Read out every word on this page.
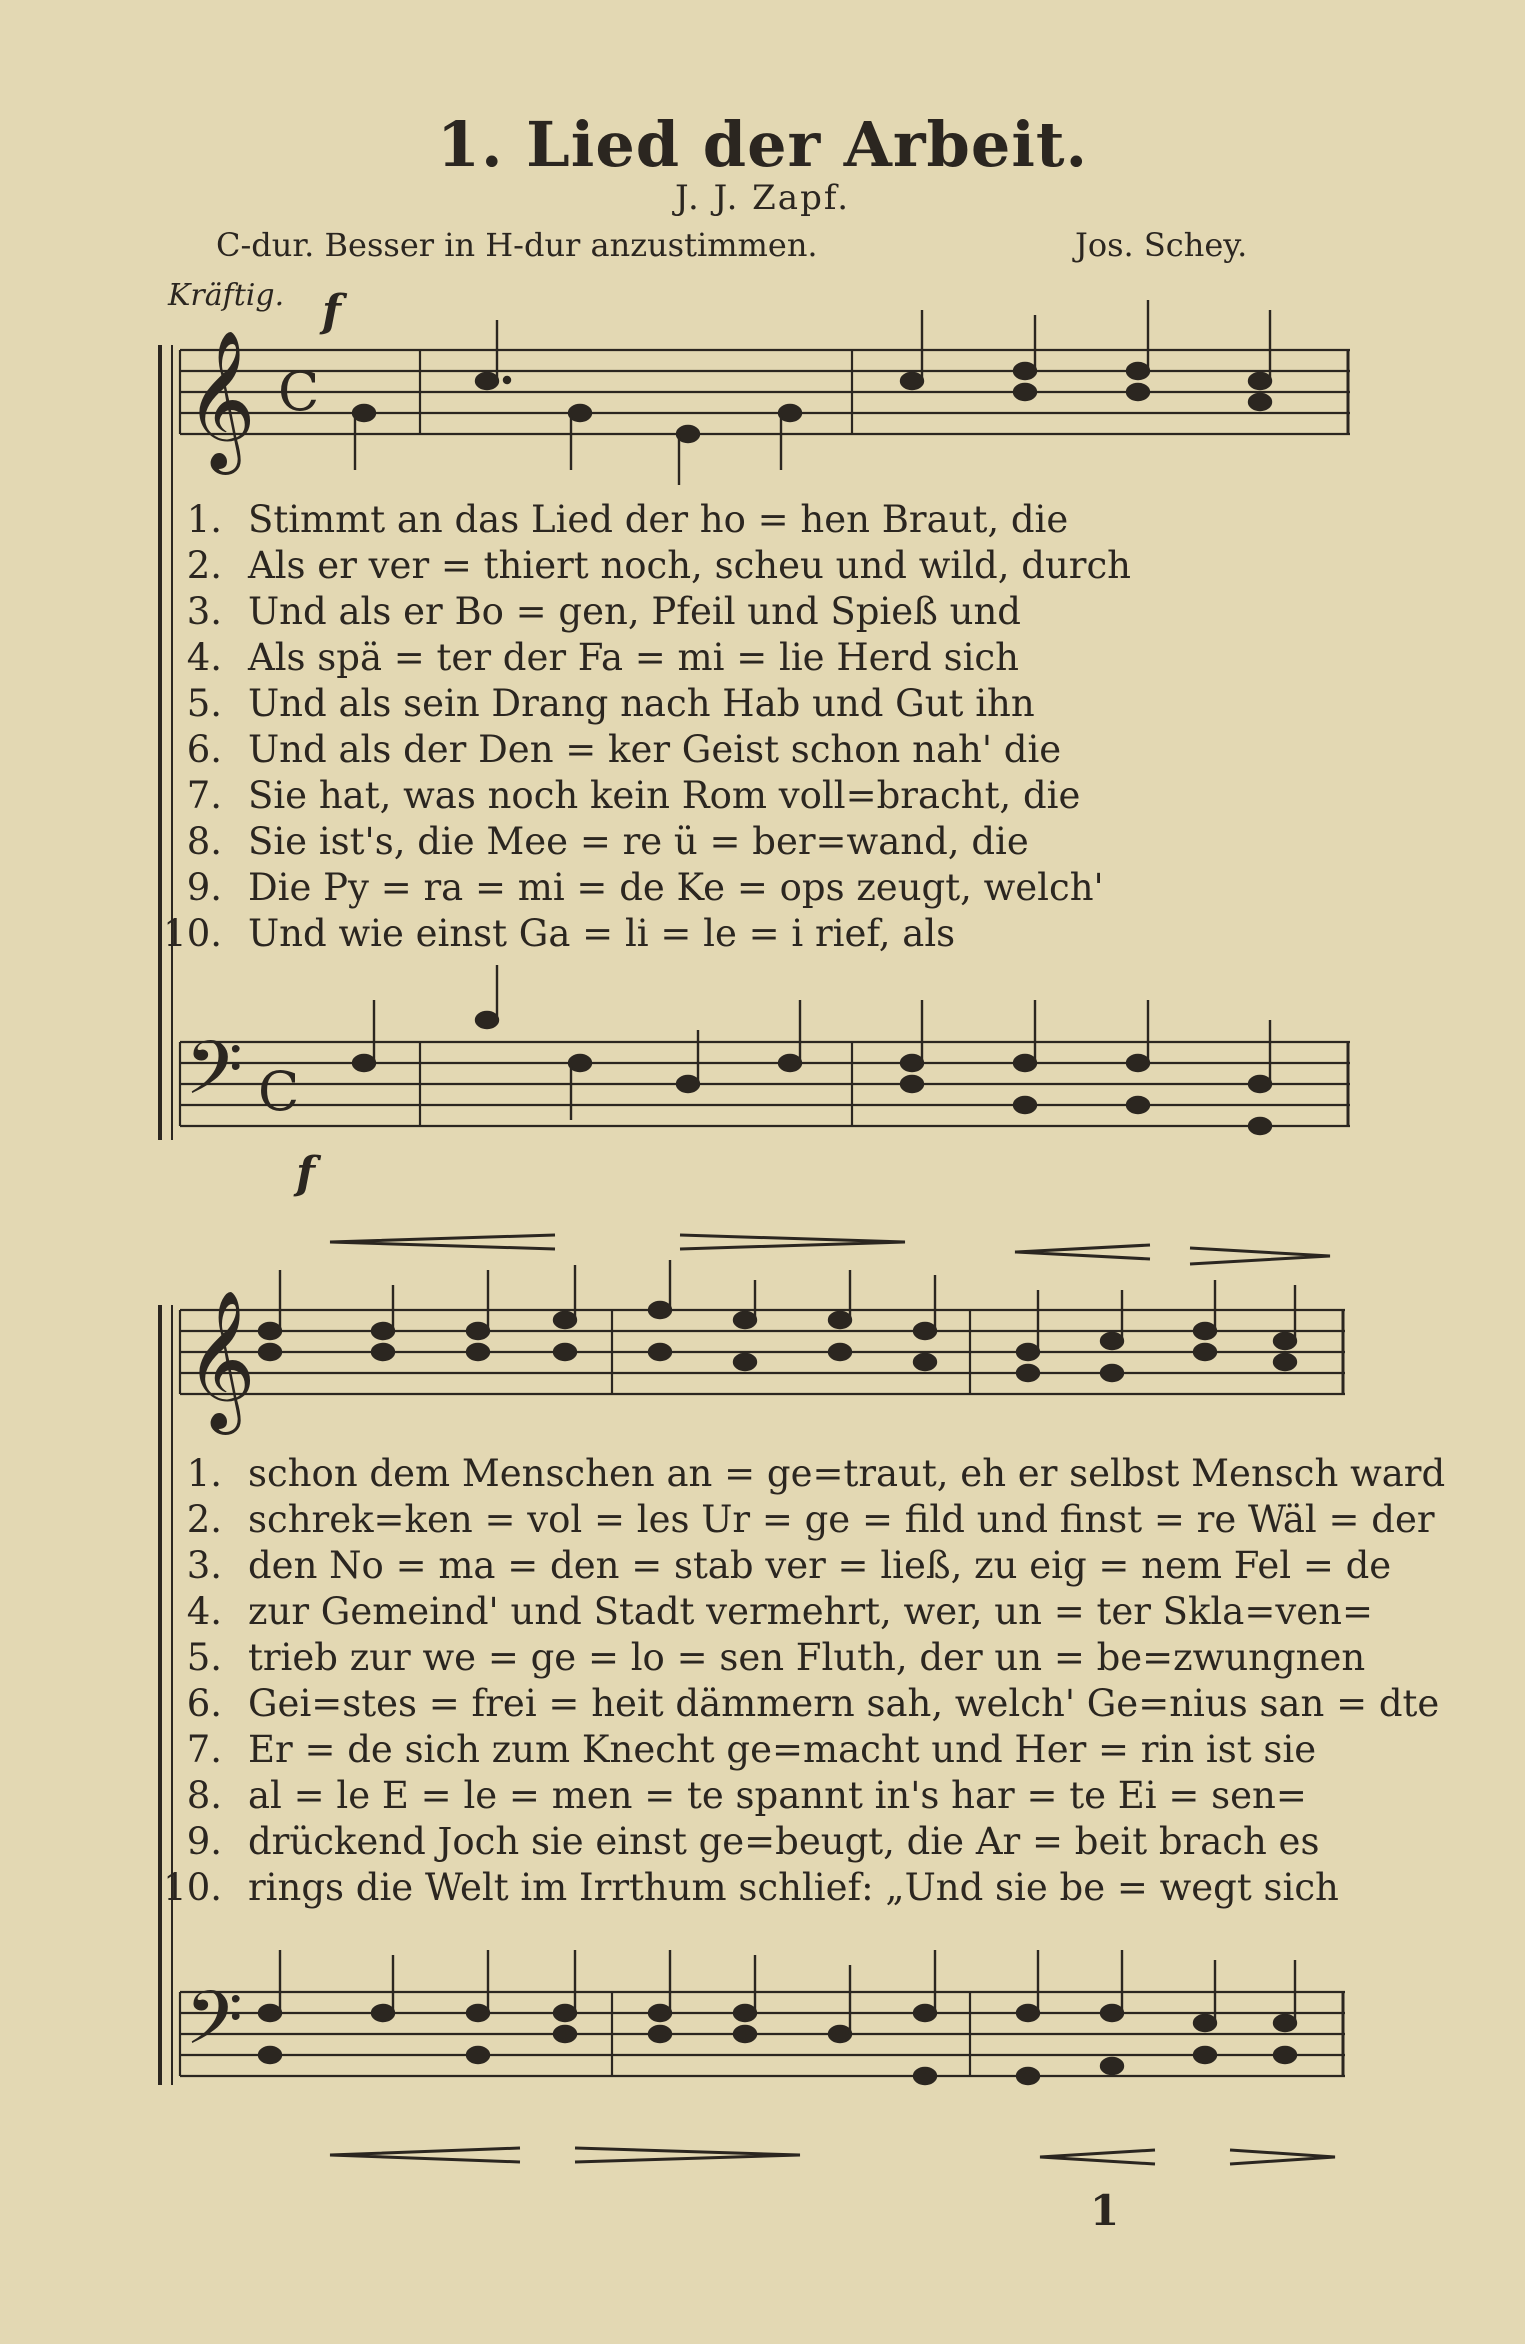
1. Lied der Arbeit.
J. J. Zapf.
C-dur. Besser in H-dur anzustimmen.	Jos. Schey.
Kräftig. f
f
𝄞 C
𝄢 C
𝄞
𝄢
1. Stimmt an das Lied der ho = hen Braut, die
2. Als er ver = thiert noch, scheu und wild, durch
3. Und als er Bo = gen, Pfeil und Spieß und
4. Als spä = ter der Fa = mi = lie Herd sich
5. Und als sein Drang nach Hab und Gut ihn
6. Und als der Den = ker Geist schon nah' die
7. Sie hat, was noch kein Rom voll=bracht, die
8. Sie ist's, die Mee = re ü = ber=wand, die
9. Die Py = ra = mi = de Ke = ops zeugt, welch'
10. Und wie einst Ga = li = le = i rief, als
1. schon dem Menschen an = ge=traut, eh er selbst Mensch ward
2. schrek=ken = vol = les Ur = ge = fild und finst = re Wäl = der
3. den No = ma = den = stab ver = ließ, zu eig = nem Fel = de
4. zur Gemeind' und Stadt vermehrt, wer, un = ter Skla=ven=
5. trieb zur we = ge = lo = sen Fluth, der un = be=zwungnen
6. Gei=stes = frei = heit dämmern sah, welch' Ge=nius san = dte
7. Er = de sich zum Knecht ge=macht und Her = rin ist sie
8. al = le E = le = men = te spannt in's har = te Ei = sen=
9. drückend Joch sie einst ge=beugt, die Ar = beit brach es
10. rings die Welt im Irrthum schlief: „Und sie be = wegt sich
1
